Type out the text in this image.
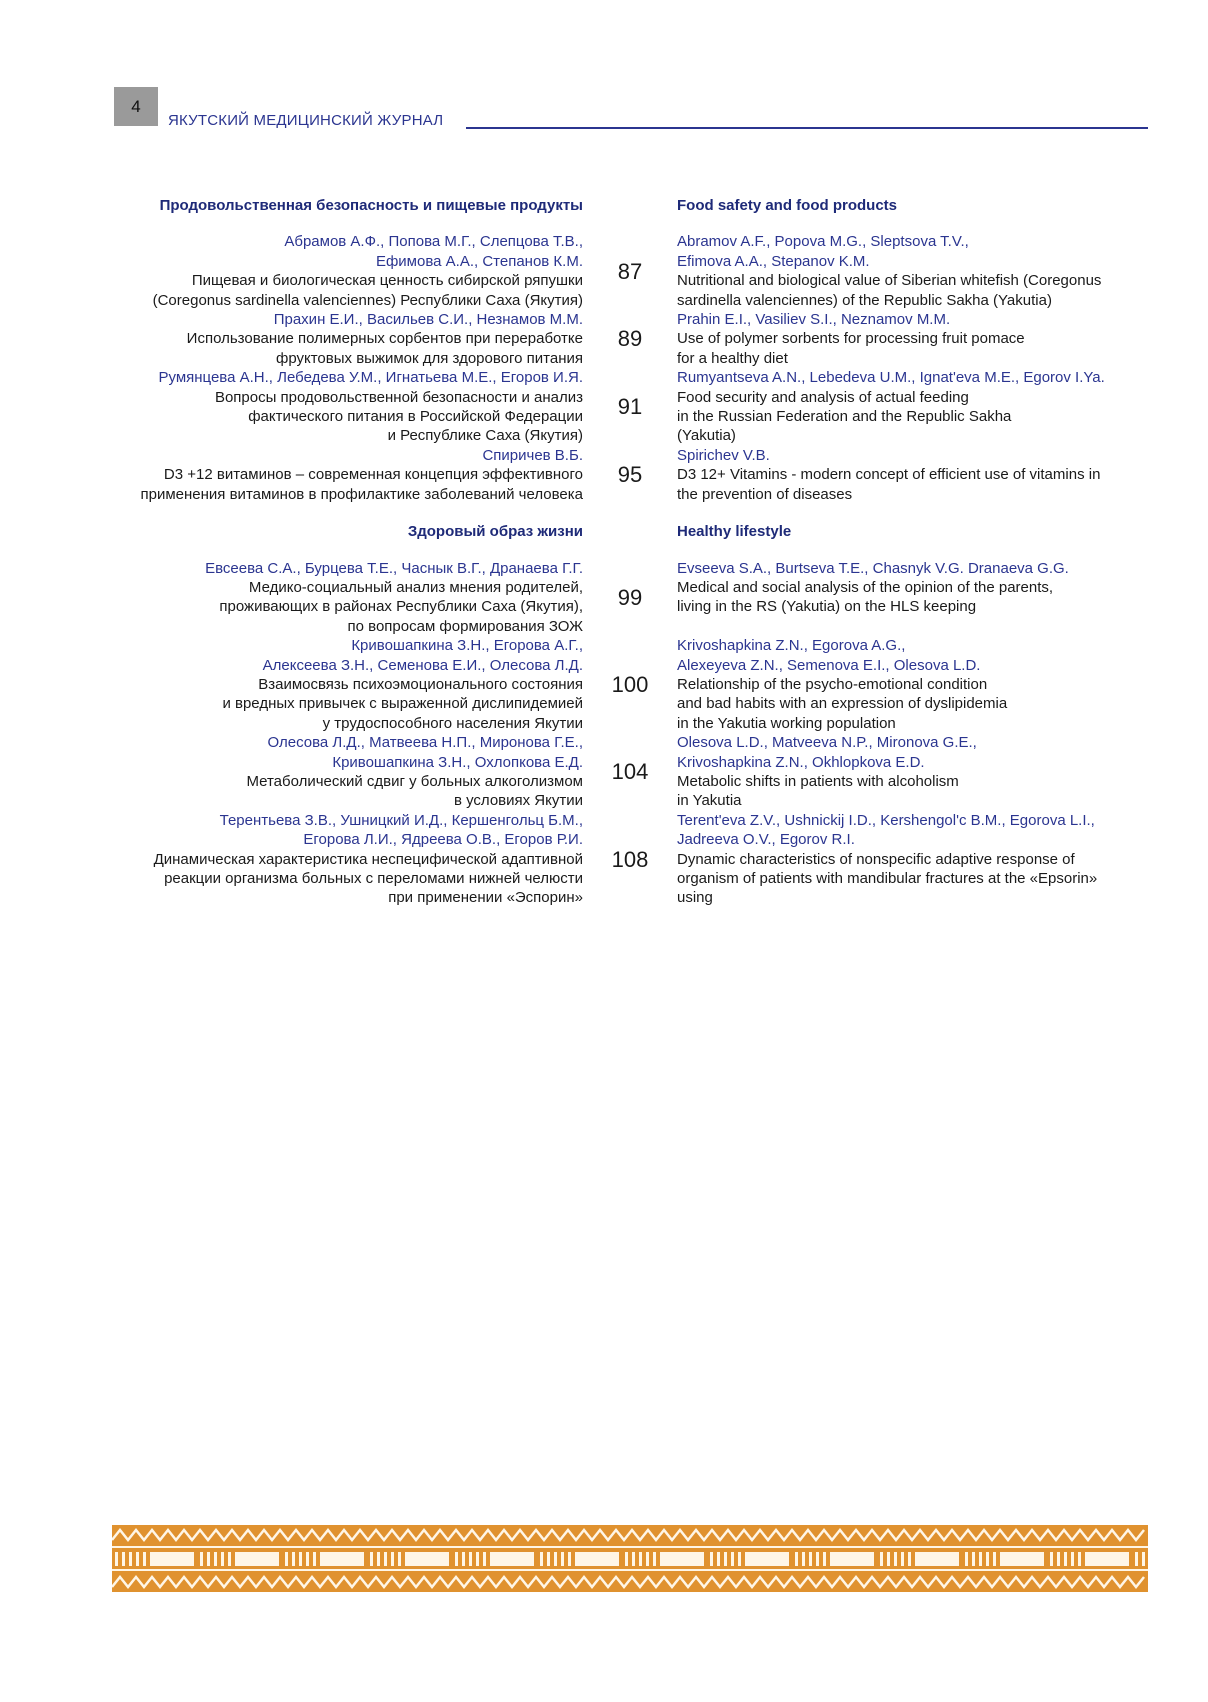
4
ЯКУТСКИЙ МЕДИЦИНСКИЙ ЖУРНАЛ
Продовольственная безопасность и пищевые продукты	Food safety and food products
Абрамов А.Ф., Попова М.Г., Слепцова Т.В.,
Ефимова А.А., Степанов К.М.
Пищевая и биологическая ценность сибирской ряпушки
(Coregonus sardinella valenciennes) Республики Саха (Якутия)
87
Abramov A.F., Popova M.G., Sleptsova T.V.,
Efimova A.A., Stepanov K.M.
Nutritional and biological value of Siberian whitefish (Coregonus
sardinella valenciennes) of the Republic Sakha (Yakutia)
Прахин Е.И., Васильев С.И., Незнамов М.М.
Использование полимерных сорбентов при переработке
фруктовых выжимок для здорового питания
89
Prahin E.I., Vasiliev S.I., Neznamov M.M.
Use of polymer sorbents for processing fruit pomace
for a healthy diet
Румянцева А.Н., Лебедева У.М., Игнатьева М.Е., Егоров И.Я.
Вопросы продовольственной безопасности и анализ
фактического питания в Российской Федерации
и Республике Саха (Якутия)
91
Rumyantseva A.N., Lebedeva U.M., Ignat'eva M.E., Egorov I.Ya.
Food security and analysis of actual feeding
in the Russian Federation and the Republic Sakha
(Yakutia)
Спиричев В.Б.
D3 +12 витаминов – современная концепция эффективного
применения витаминов в профилактике заболеваний человека
95
Spirichev V.B.
D3 12+ Vitamins - modern concept of efficient use of vitamins in
the prevention of diseases
Здоровый образ жизни	Healthy lifestyle
Евсеева С.А., Бурцева Т.Е., Часнык В.Г., Дранаева Г.Г.
Медико-социальный анализ мнения родителей,
проживающих в районах Республики Саха (Якутия),
по вопросам формирования ЗОЖ
99
Evseeva S.A., Burtseva T.E., Chasnyk V.G. Dranaeva G.G.
Medical and social analysis of the opinion of the parents,
living in the RS (Yakutia) on the HLS keeping
Кривошапкина З.Н., Егорова А.Г.,
Алексеева З.Н., Семенова Е.И., Олесова Л.Д.
Взаимосвязь психоэмоционального состояния
и вредных привычек с выраженной дислипидемией
у трудоспособного населения Якутии
100
Krivoshapkina Z.N., Egorova A.G.,
Alexeyeva Z.N., Semenova E.I., Olesova L.D.
Relationship of the psycho-emotional condition
and bad habits with an expression of dyslipidemia
in the Yakutia working population
Олесова Л.Д., Матвеева Н.П., Миронова Г.Е.,
Кривошапкина З.Н., Охлопкова Е.Д.
Метаболический сдвиг у больных алкоголизмом
в условиях Якутии
104
Olesova L.D., Matveeva N.P., Mironova G.E.,
Krivoshapkina Z.N., Okhlopkova E.D.
Metabolic shifts in patients with alcoholism
in Yakutia
Терентьева З.В., Ушницкий И.Д., Кершенгольц Б.М.,
Егорова Л.И., Ядреева О.В., Егоров Р.И.
Динамическая характеристика неспецифической адаптивной
реакции организма больных с переломами нижней челюсти
при применении «Эспорин»
108
Terent'eva Z.V., Ushnickij I.D., Kershengol'c B.M., Egorova L.I.,
Jadreeva O.V., Egorov R.I.
Dynamic characteristics of nonspecific adaptive response of
organism of patients with mandibular fractures at the «Epsorin»
using
